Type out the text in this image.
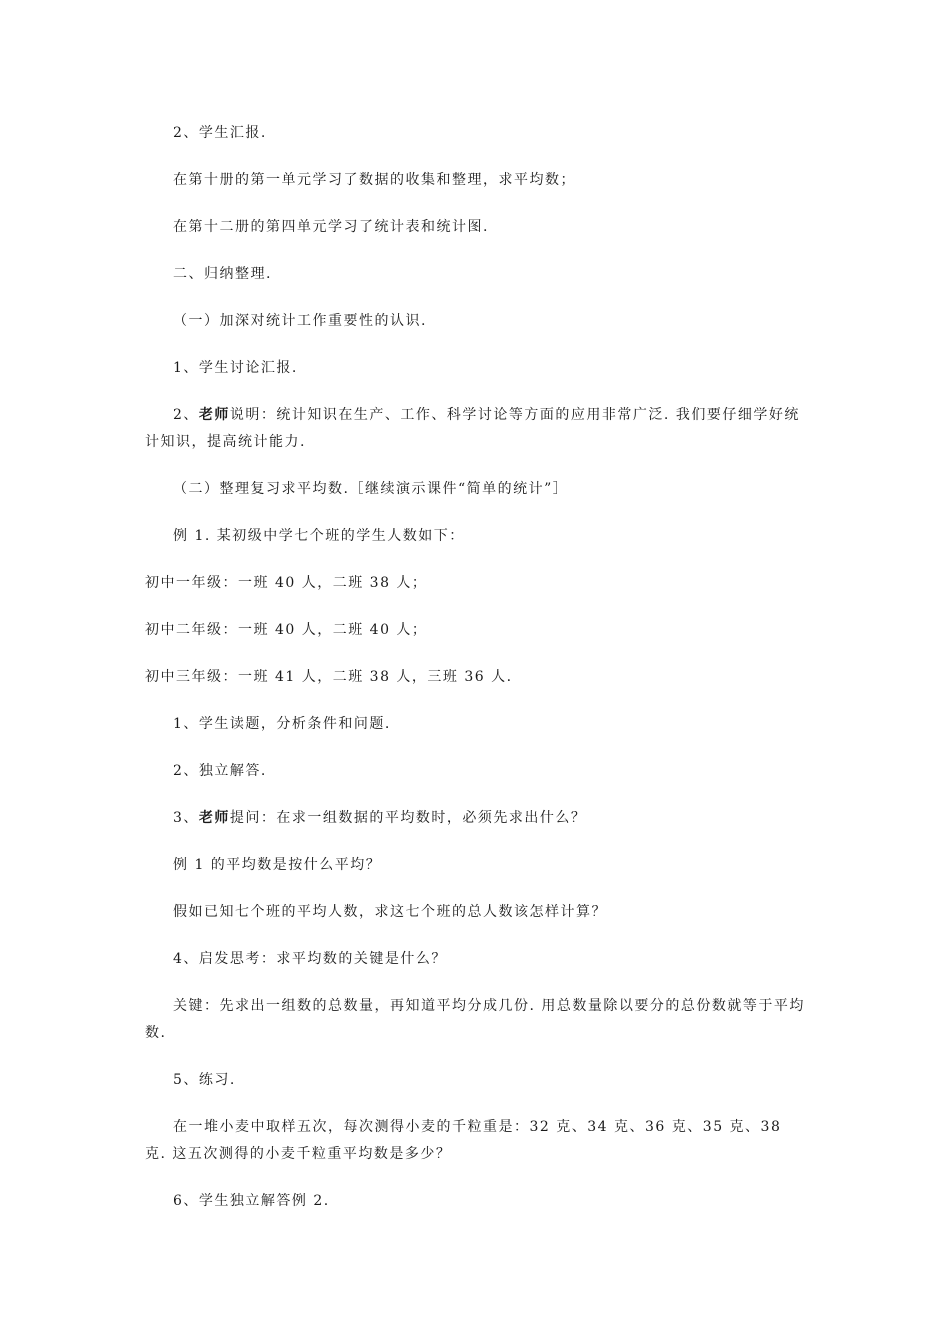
2、学生汇报.

在第十册的第一单元学习了数据的收集和整理，求平均数；

在第十二册的第四单元学习了统计表和统计图.

二、归纳整理.

（一）加深对统计工作重要性的认识.

1、学生讨论汇报.

2、老师说明：统计知识在生产、工作、科学讨论等方面的应用非常广泛. 我们要仔细学好统计知识，提高统计能力.

（二）整理复习求平均数.［继续演示课件“简单的统计”］

例 1. 某初级中学七个班的学生人数如下：

初中一年级：一班 40 人，二班 38 人；

初中二年级：一班 40 人，二班 40 人；

初中三年级：一班 41 人，二班 38 人，三班 36 人.

1、学生读题，分析条件和问题.

2、独立解答.

3、老师提问：在求一组数据的平均数时，必须先求出什么？

例 1 的平均数是按什么平均？

假如已知七个班的平均人数，求这七个班的总人数该怎样计算？

4、启发思考：求平均数的关键是什么？

关键：先求出一组数的总数量，再知道平均分成几份. 用总数量除以要分的总份数就等于平均数.

5、练习.

在一堆小麦中取样五次，每次测得小麦的千粒重是：32 克、34 克、36 克、35 克、38 克. 这五次测得的小麦千粒重平均数是多少？

6、学生独立解答例 2.
